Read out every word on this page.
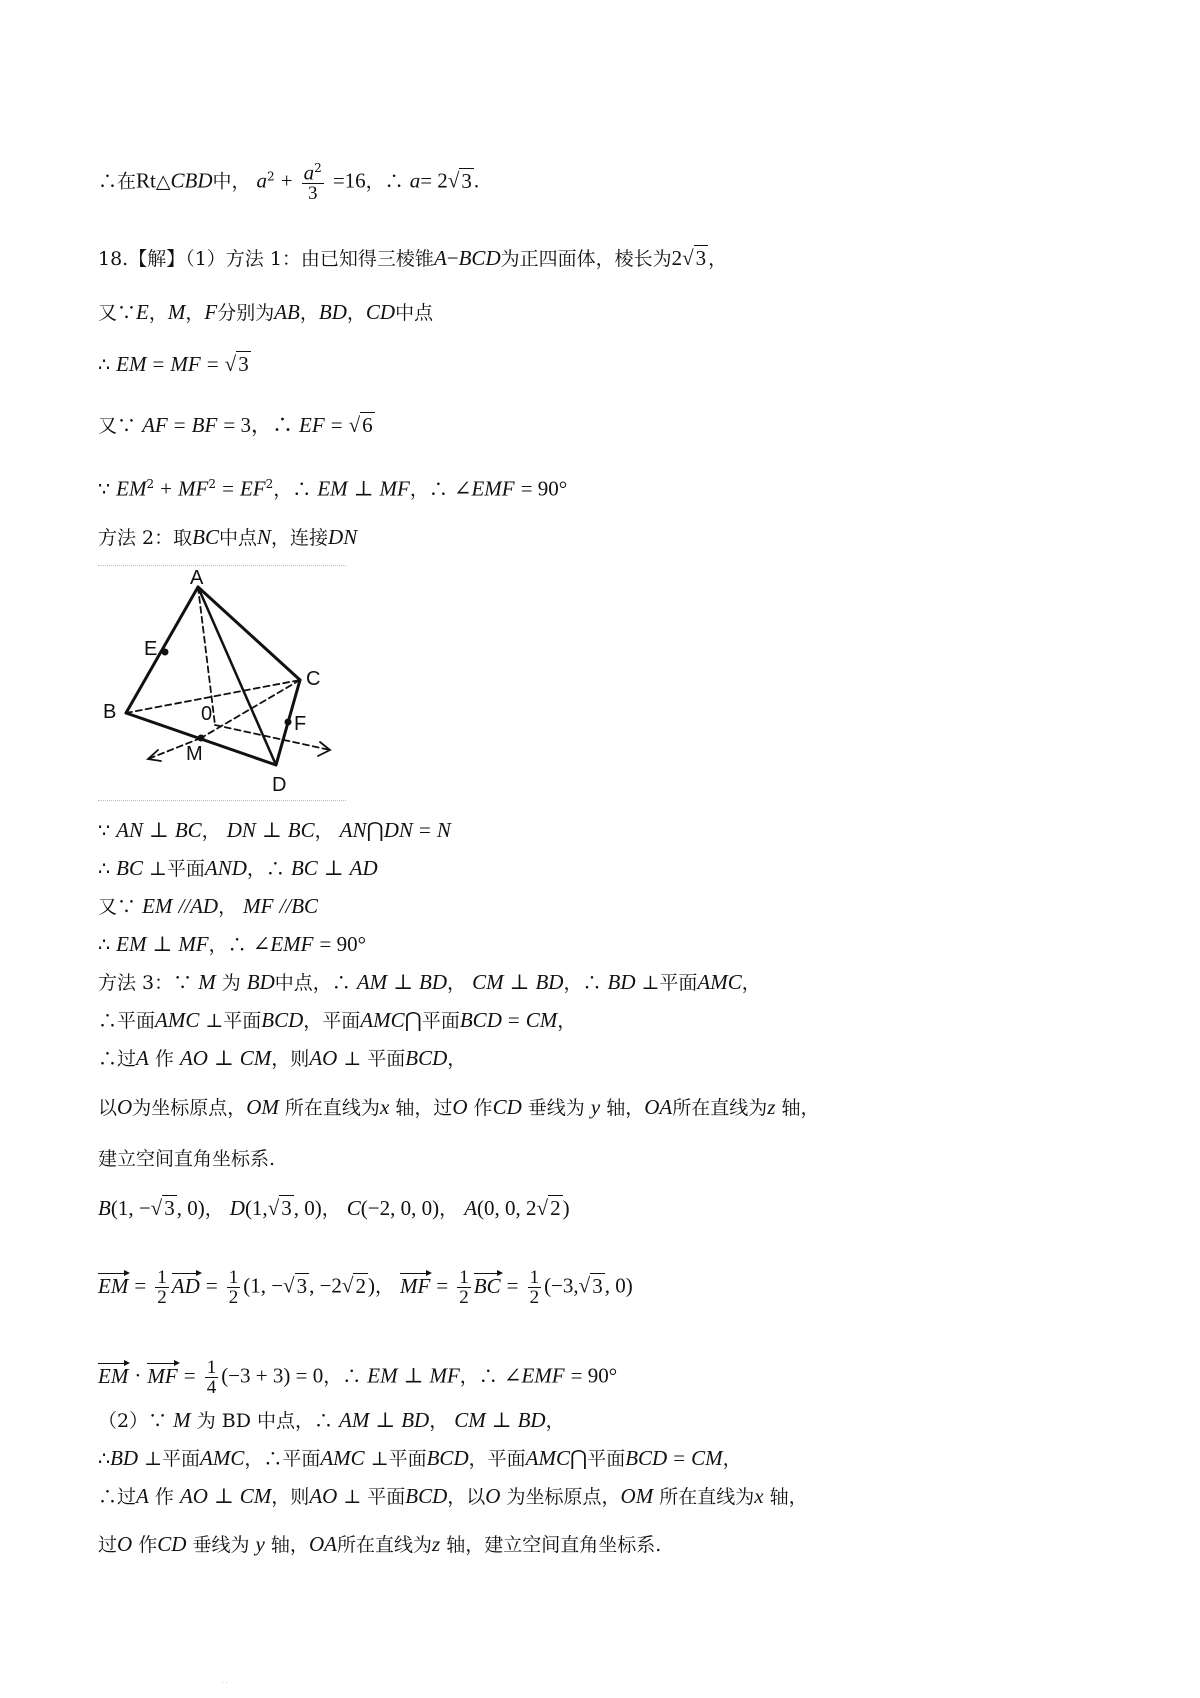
∴在Rt△CBD中， $a^2 + \frac{a^2}{3} =16$，∴ a= 2√3.
18.【解】（1）方法 1：由已知得三棱锥A−BCD为正四面体，棱长为2√3 ，
又∵E，M，F分别为AB，BD，CD中点
∴ EM = MF = √3
又∵ AF = BF = 3，∴ EF = √6
∵ $EM^2 + MF^2 = EF^2$，∴ EM ⊥ MF，∴ ∠EMF = 90°
方法 2：取BC中点N，连接DN
A
E
C
B	0	F
M
D
∵ AN ⊥ BC， DN ⊥ BC， AN⋂DN = N
∴ BC ⊥平面AND，∴ BC ⊥ AD
又∵ EM //AD， MF //BC
∴ EM ⊥ MF，∴ ∠EMF = 90°
方法 3：∵ M 为 BD中点，∴ AM ⊥ BD， CM ⊥ BD，∴ BD ⊥平面AMC，
∴平面AMC ⊥平面BCD，平面AMC⋂平面BCD = CM，
∴过A 作 AO ⊥ CM，则AO ⊥ 平面BCD，
以O为坐标原点，OM 所在直线为x 轴，过O 作CD 垂线为 y 轴，OA所在直线为z 轴，
建立空间直角坐标系.
B(1, −√3, 0)， D(1,√3, 0)， C(−2, 0, 0)， A(0, 0, 2√2)
EM = $\frac{1}{2}$ AD = $\frac{1}{2} (1$, −√3, −2√2)， MF = $\frac{1}{2}$ BC = $\frac{1}{2} (-3,√3$, 0)
EM · MF = $\frac{1}{4} (-3 + 3) = 0$，∴ EM ⊥ MF，∴ ∠EMF = 90°
（2）∵ M 为 BD 中点，∴ AM ⊥ BD， CM ⊥ BD，
∴BD ⊥平面AMC，∴平面AMC ⊥平面BCD，平面AMC⋂平面BCD = CM，
∴过A 作 AO ⊥ CM，则AO ⊥ 平面BCD，以O 为坐标原点，OM 所在直线为x 轴，
过O 作CD 垂线为 y 轴，OA所在直线为z 轴，建立空间直角坐标系.
· ·
